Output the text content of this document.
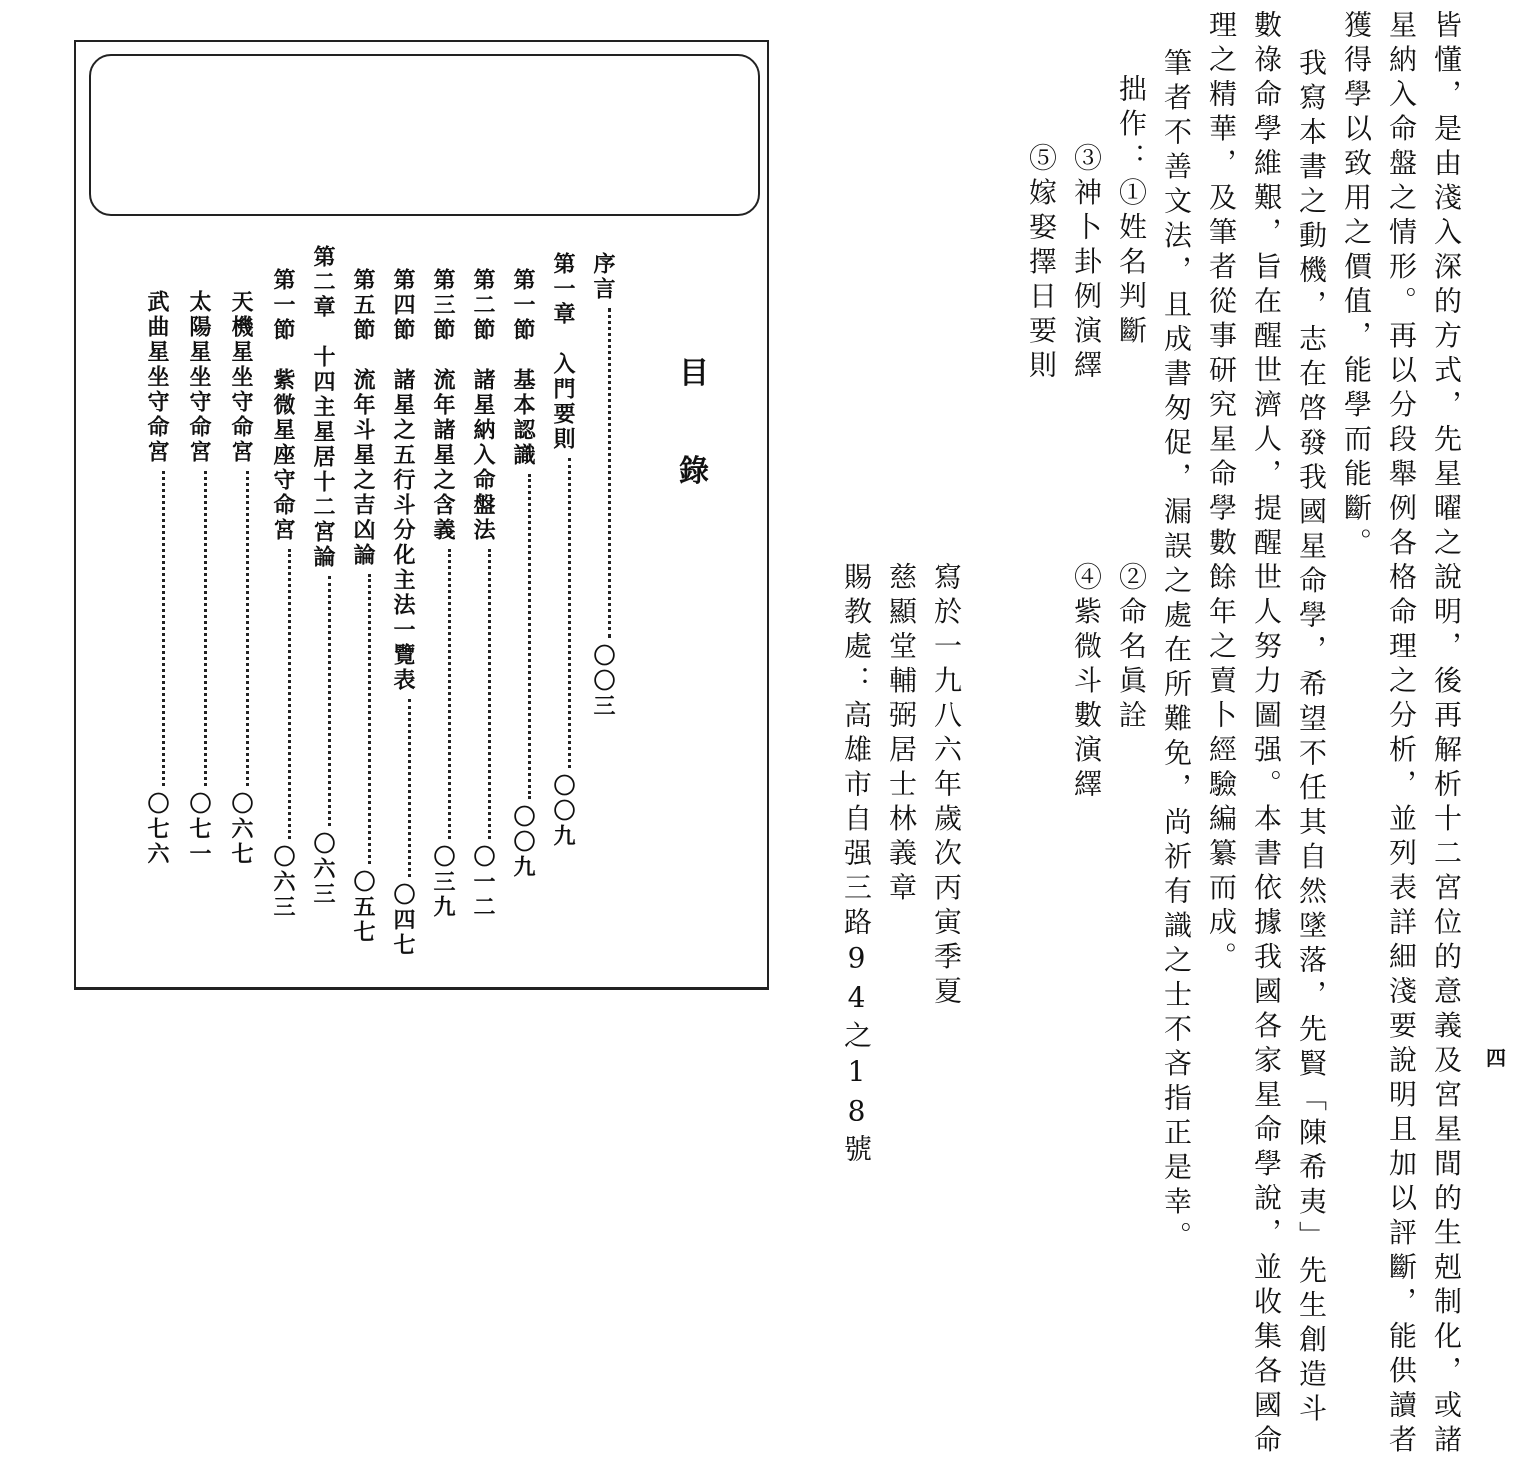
四
皆懂，是由淺入深的方式，先星曜之說明，後再解析十二宮位的意義及宮星間的生剋制化，或諸
星納入命盤之情形。再以分段舉例各格命理之分析，並列表詳細淺要說明且加以評斷，能供讀者
獲得學以致用之價值，能學而能斷。
我寫本書之動機，志在啓發我國星命學，希望不任其自然墜落，先賢「陳希夷」先生創造斗
數祿命學維艱，旨在醒世濟人，提醒世人努力圖强。本書依據我國各家星命學說，並收集各國命
理之精華，及筆者從事研究星命學數餘年之賣卜經驗編纂而成。
筆者不善文法，且成書匆促，漏誤之處在所難免，尚祈有識之士不吝指正是幸。
拙作：①姓名判斷
③神卜卦例演繹
⑤嫁娶擇日要則
②命名眞詮
④紫微斗數演繹
寫於一九八六年歲次丙寅季夏
慈顯堂輔弼居士林義章
賜教處：高雄市自强三路94之18號
目
錄
序言〇〇三
第一章　入門要則〇〇九
第一節　基本認識〇〇九
第二節　諸星納入命盤法〇一二
第三節　流年諸星之含義〇三九
第四節　諸星之五行斗分化主法一覽表〇四七
第五節　流年斗星之吉凶論〇五七
第二章　十四主星居十二宮論〇六三
第一節　紫微星座守命宮〇六三
天機星坐守命宮〇六七
太陽星坐守命宮〇七一
武曲星坐守命宮〇七六
